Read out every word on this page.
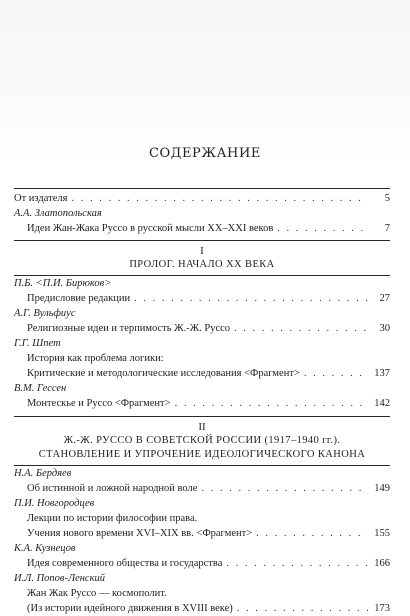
СОДЕРЖАНИЕ
От издателя . . .	5
А.А. Златопольская
Идеи Жан-Жака Руссо в русской мысли XX–XXI веков . . .	7
I
ПРОЛОГ. НАЧАЛО XX ВЕКА
П.Б. <П.И. Бирюков>
Предисловие редакции . . .	27
А.Г. Вульфиус
Религиозные идеи и терпимость Ж.-Ж. Руссо . . .	30
Г.Г. Шпет
История как проблема логики:
Критические и методологические исследования <Фрагмент> . . .	137
В.М. Гессен
Монтескье и Руссо <Фрагмент> . . .	142
II
Ж.-Ж. РУССО В СОВЕТСКОЙ РОССИИ (1917–1940 гг.).
СТАНОВЛЕНИЕ И УПРОЧЕНИЕ ИДЕОЛОГИЧЕСКОГО КАНОНА
Н.А. Бердяев
Об истинной и ложной народной воле . . .	149
П.И. Новгородцев
Лекции по истории философии права.
Учения нового времени XVI–XIX вв. <Фрагмент> . . .	155
К.А. Кузнецов
Идея современного общества и государства . . .	166
И.Л. Попов-Ленский
Жан Жак Руссо — космополит.
(Из истории идейного движения в XVIII веке) . . .	173
